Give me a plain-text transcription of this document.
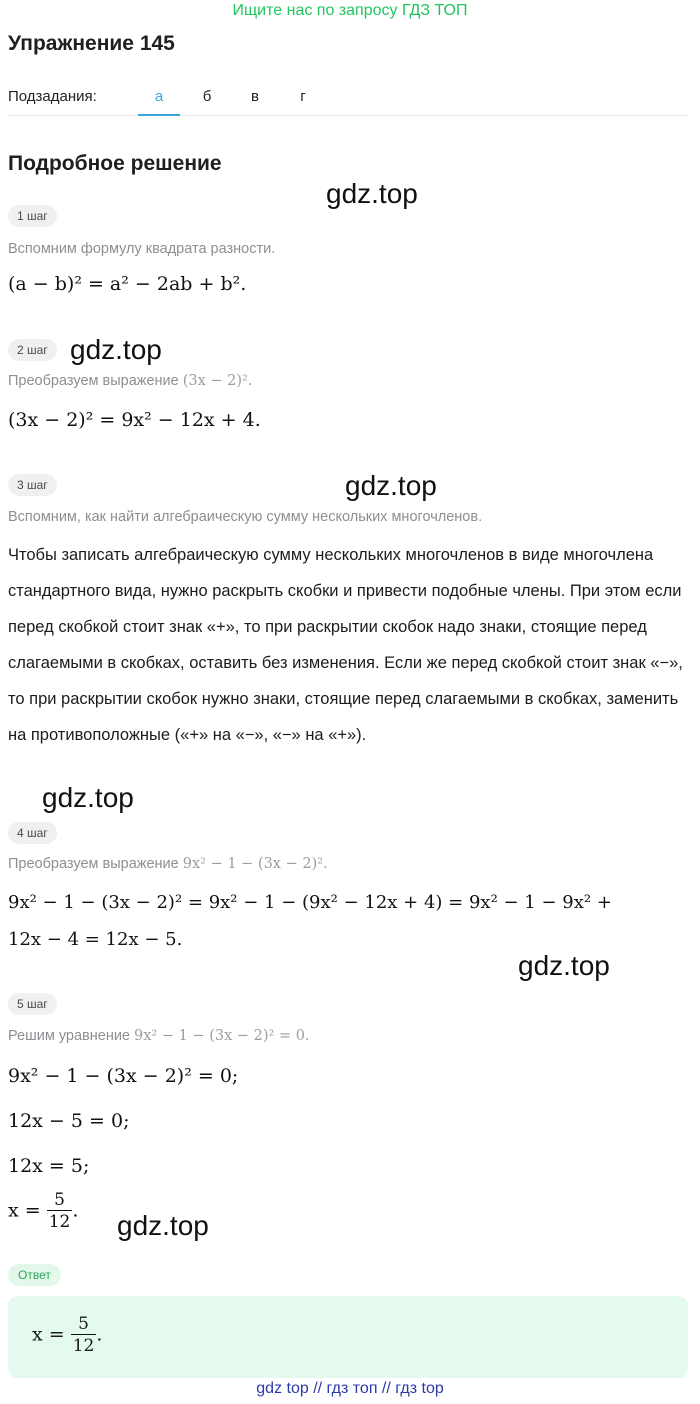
Ищите нас по запросу ГДЗ ТОП
Упражнение 145
Подзадания:	а	б	в	г
Подробное решение
gdz.top
gdz.top
gdz.top
gdz.top
gdz.top
gdz.top
1 шаг
Вспомним формулу квадрата разности.
(a − b)² = a² − 2ab + b².
2 шаг
Преобразуем выражение (3x − 2)².
(3x − 2)² = 9x² − 12x + 4.
3 шаг
Вспомним, как найти алгебраическую сумму нескольких многочленов.
Чтобы записать алгебраическую сумму нескольких многочленов в виде многочлена стандартного вида, нужно раскрыть скобки и привести подобные члены. При этом если перед скобкой стоит знак «+», то при раскрытии скобок надо знаки, стоящие перед слагаемыми в скобках, оставить без изменения. Если же перед скобкой стоит знак «−», то при раскрытии скобок нужно знаки, стоящие перед слагаемыми в скобках, заменить на противоположные («+» на «−», «−» на «+»).
4 шаг
Преобразуем выражение 9x² − 1 − (3x − 2)².
9x² − 1 − (3x − 2)² = 9x² − 1 − (9x² − 12x + 4) = 9x² − 1 − 9x² +
12x − 4 = 12x − 5.
5 шаг
Решим уравнение 9x² − 1 − (3x − 2)² = 0.
9x² − 1 − (3x − 2)² = 0;
12x − 5 = 0;
12x = 5;
$x = \frac{5}{12}$ .
Ответ
$x = \frac{5}{12}$ .
gdz top // гдз топ // гдз top
